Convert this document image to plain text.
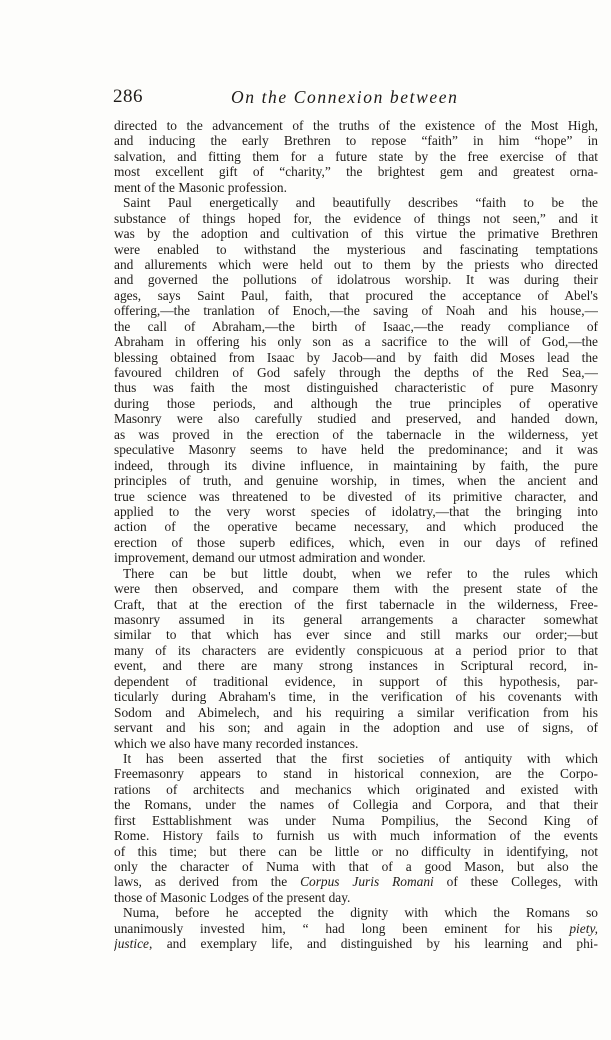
286	On the Connexion between
directed to the advancement of the truths of the existence of the Most High,
and inducing the early Brethren to repose “faith” in him “hope” in
salvation, and fitting them for a future state by the free exercise of that
most excellent gift of “charity,” the brightest gem and greatest orna-
ment of the Masonic profession.
Saint Paul energetically and beautifully describes “faith to be the
substance of things hoped for, the evidence of things not seen,” and it
was by the adoption and cultivation of this virtue the primative Brethren
were enabled to withstand the mysterious and fascinating temptations
and allurements which were held out to them by the priests who directed
and governed the pollutions of idolatrous worship. It was during their
ages, says Saint Paul, faith, that procured the acceptance of Abel's
offering,—the tranlation of Enoch,—the saving of Noah and his house,—
the call of Abraham,—the birth of Isaac,—the ready compliance of
Abraham in offering his only son as a sacrifice to the will of God,—the
blessing obtained from Isaac by Jacob—and by faith did Moses lead the
favoured children of God safely through the depths of the Red Sea,—
thus was faith the most distinguished characteristic of pure Masonry
during those periods, and although the true principles of operative
Masonry were also carefully studied and preserved, and handed down,
as was proved in the erection of the tabernacle in the wilderness, yet
speculative Masonry seems to have held the predominance; and it was
indeed, through its divine influence, in maintaining by faith, the pure
principles of truth, and genuine worship, in times, when the ancient and
true science was threatened to be divested of its primitive character, and
applied to the very worst species of idolatry,—that the bringing into
action of the operative became necessary, and which produced the
erection of those superb edifices, which, even in our days of refined
improvement, demand our utmost admiration and wonder.
There can be but little doubt, when we refer to the rules which
were then observed, and compare them with the present state of the
Craft, that at the erection of the first tabernacle in the wilderness, Free-
masonry assumed in its general arrangements a character somewhat
similar to that which has ever since and still marks our order;—but
many of its characters are evidently conspicuous at a period prior to that
event, and there are many strong instances in Scriptural record, in-
dependent of traditional evidence, in support of this hypothesis, par-
ticularly during Abraham's time, in the verification of his covenants with
Sodom and Abimelech, and his requiring a similar verification from his
servant and his son; and again in the adoption and use of signs, of
which we also have many recorded instances.
It has been asserted that the first societies of antiquity with which
Freemasonry appears to stand in historical connexion, are the Corpo-
rations of architects and mechanics which originated and existed with
the Romans, under the names of Collegia and Corpora, and that their
first Esttablishment was under Numa Pompilius, the Second King of
Rome. History fails to furnish us with much information of the events
of this time; but there can be little or no difficulty in identifying, not
only the character of Numa with that of a good Mason, but also the
laws, as derived from the Corpus Juris Romani of these Colleges, with
those of Masonic Lodges of the present day.
Numa, before he accepted the dignity with which the Romans so
unanimously invested him, “ had long been eminent for his piety,
justice, and exemplary life, and distinguished by his learning and phi-
